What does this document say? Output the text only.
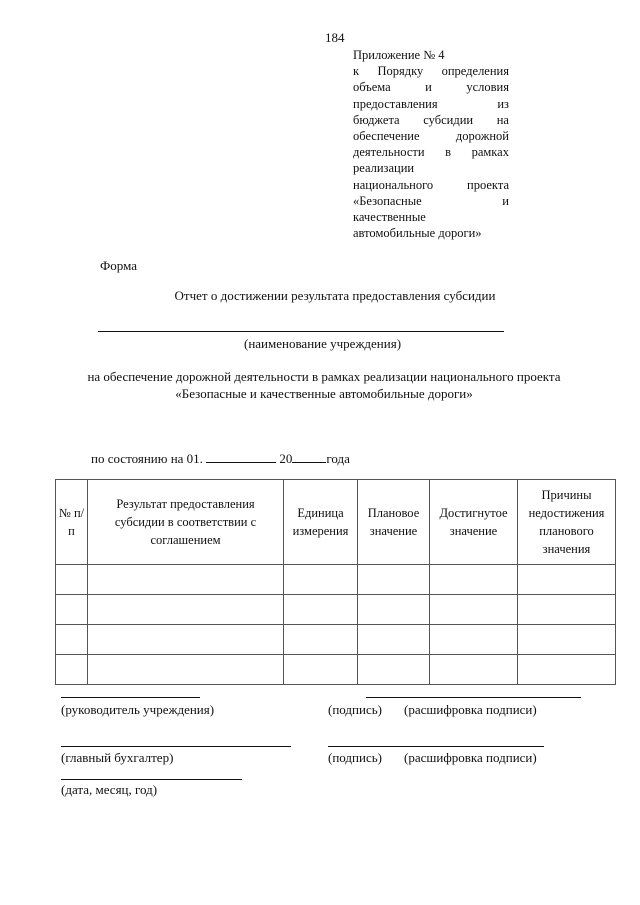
184
Приложение № 4
к Порядку определения
объема	и	условия
предоставления	из
бюджета субсидии на
обеспечение	дорожной
деятельности в рамках
реализации
национального	проекта
«Безопасные	и
качественные
автомобильные дороги»
Форма
Отчет о достижении результата предоставления субсидии
(наименование учреждения)
на обеспечение дорожной деятельности в рамках реализации национального проекта
«Безопасные и качественные автомобильные дороги»
по состоянию на 01.	20	года
№ п/п	Результат предоставления субсидии в соответствии с соглашением	Единица измерения	Плановое значение	Достигнутое значение	Причины недостижения планового значения

(руководитель учреждения)	(подпись) (расшифровка подписи)
(главный бухгалтер)	(подпись) (расшифровка подписи)
(дата, месяц, год)
